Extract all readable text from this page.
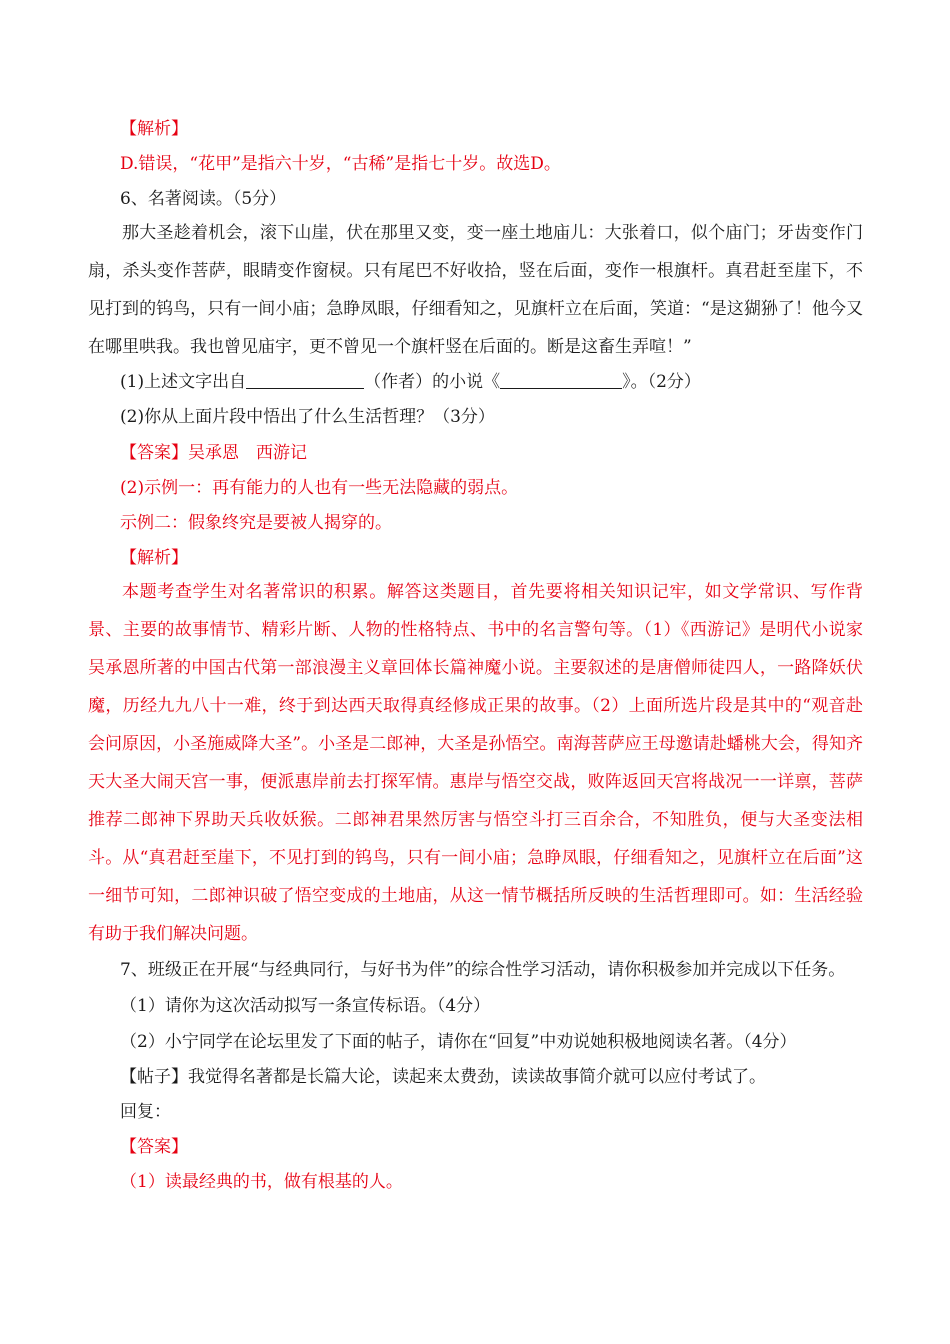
【解析】
D.错误，“花甲”是指六十岁，“古稀”是指七十岁。故选D。
6、名著阅读。（5分）
那大圣趁着机会，滚下山崖，伏在那里又变，变一座土地庙儿：大张着口，似个庙门；牙齿变作门扇，杀头变作菩萨，眼睛变作窗棂。只有尾巴不好收拾，竖在后面，变作一根旗杆。真君赶至崖下，不见打到的钨鸟，只有一间小庙；急睁凤眼，仔细看知之，见旗杆立在后面，笑道：“是这猢狲了！他今又在哪里哄我。我也曾见庙宇，更不曾见一个旗杆竖在后面的。断是这畜生弄喧！”
(1)上述文字出自	（作者）的小说《	》。（2分）
(2)你从上面片段中悟出了什么生活哲理？（3分）
【答案】吴承恩　西游记
(2)示例一：再有能力的人也有一些无法隐藏的弱点。
示例二：假象终究是要被人揭穿的。
【解析】
本题考查学生对名著常识的积累。解答这类题目，首先要将相关知识记牢，如文学常识、写作背景、主要的故事情节、精彩片断、人物的性格特点、书中的名言警句等。（1）《西游记》是明代小说家吴承恩所著的中国古代第一部浪漫主义章回体长篇神魔小说。主要叙述的是唐僧师徒四人，一路降妖伏魔，历经九九八十一难，终于到达西天取得真经修成正果的故事。（2）上面所选片段是其中的“观音赴会问原因，小圣施威降大圣”。小圣是二郎神，大圣是孙悟空。南海菩萨应王母邀请赴蟠桃大会，得知齐天大圣大闹天宫一事，便派惠岸前去打探军情。惠岸与悟空交战，败阵返回天宫将战况一一详禀，菩萨推荐二郎神下界助天兵收妖猴。二郎神君果然厉害与悟空斗打三百余合，不知胜负，便与大圣变法相斗。从“真君赶至崖下，不见打到的钨鸟，只有一间小庙；急睁凤眼，仔细看知之，见旗杆立在后面”这一细节可知，二郎神识破了悟空变成的土地庙，从这一情节概括所反映的生活哲理即可。如：生活经验有助于我们解决问题。
7、班级正在开展“与经典同行，与好书为伴”的综合性学习活动，请你积极参加并完成以下任务。
（1）请你为这次活动拟写一条宣传标语。（4分）
（2）小宁同学在论坛里发了下面的帖子，请你在“回复”中劝说她积极地阅读名著。（4分）
【帖子】我觉得名著都是长篇大论，读起来太费劲，读读故事简介就可以应付考试了。
回复：
【答案】
（1）读最经典的书，做有根基的人。
